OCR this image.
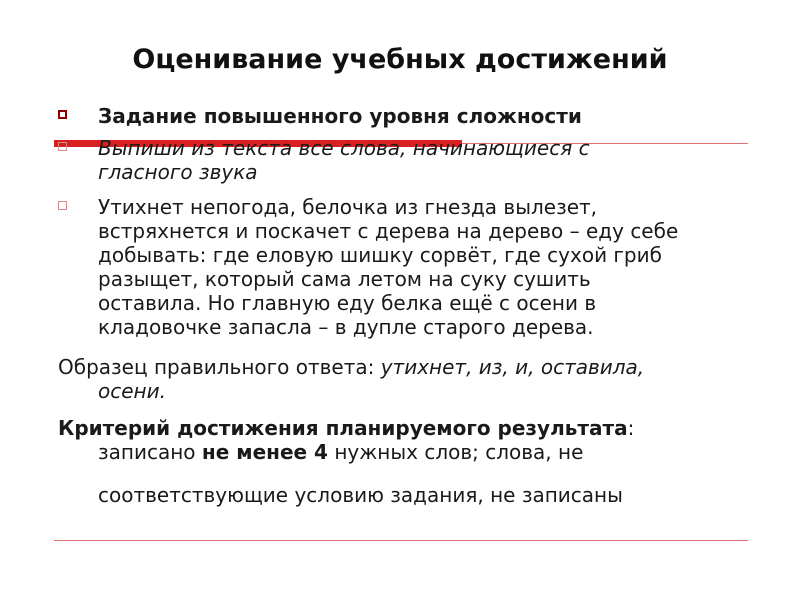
Оценивание учебных достижений
Задание повышенного уровня сложности
Выпиши из текста все слова, начинающиеся с
гласного звука
Утихнет непогода, белочка из гнезда вылезет,
встряхнется и поскачет с дерева на дерево – еду себе
добывать: где еловую шишку сорвёт, где сухой гриб
разыщет, который сама летом на суку сушить
оставила. Но главную еду белка ещё с осени в
кладовочке запасла – в дупле старого дерева.
Образец правильного ответа: утихнет, из, и, оставила,
осени.
Критерий достижения планируемого результата:
записано не менее 4 нужных слов; слова, не
соответствующие условию задания, не записаны
